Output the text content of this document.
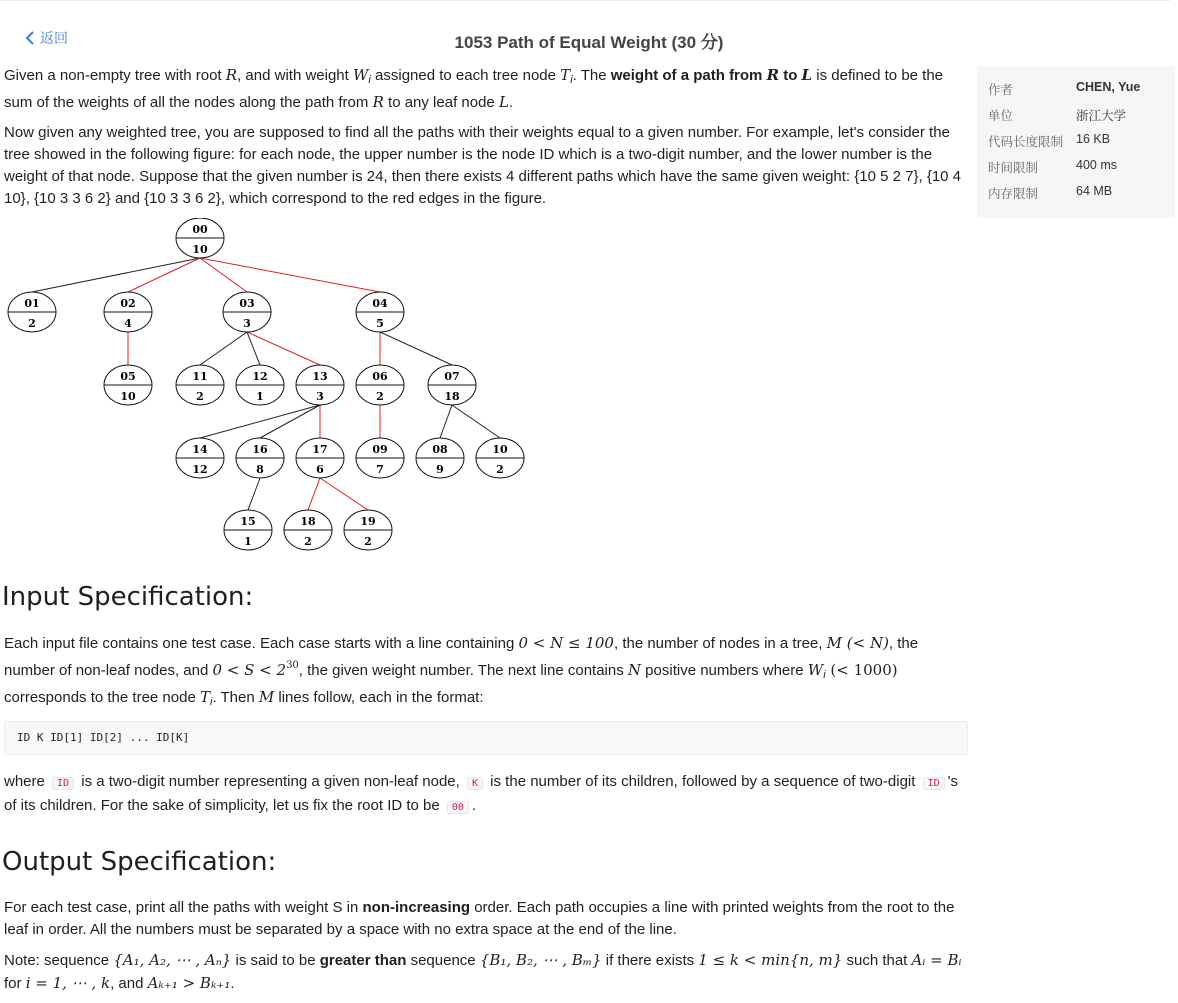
返回	1053 Path of Equal Weight (30 分)

Given a non-empty tree with root R, and with weight $W_i$ assigned to each tree node $T_i$. The weight of a path from R to L is defined to be the sum of the weights of all the nodes along the path from R to any leaf node L.

Now given any weighted tree, you are supposed to find all the paths with their weights equal to a given number. For example, let's consider the tree showed in the following figure: for each node, the upper number is the node ID which is a two-digit number, and the lower number is the weight of that node. Suppose that the given number is 24, then there exists 4 different paths which have the same given weight: {10 5 2 7}, {10 4 10}, {10 3 3 6 2} and {10 3 3 6 2}, which correspond to the red edges in the figure.

00
10
01
2
02
4
03
3
04
5
05
10
11
2
12
1
13
3
06
2
07
18
14
12
16
8
17
6
09
7
08
9
10
2
15
1
18
2
19
2
Input Specification:

Each input file contains one test case. Each case starts with a line containing 0 < N ≤ 100, the number of nodes in a tree, M (< N), the number of non-leaf nodes, and $0 < S < 2^{30}$, the given weight number. The next line contains N positive numbers where $W_i$ (< 1000) corresponds to the tree node $T_i$. Then M lines follow, each in the format:

ID K ID[1] ID[2] ... ID[K]

where ID is a two-digit number representing a given non-leaf node, K is the number of its children, followed by a sequence of two-digit ID 's of its children. For the sake of simplicity, let us fix the root ID to be 00 .

Output Specification:

For each test case, print all the paths with weight S in non-increasing order. Each path occupies a line with printed weights from the root to the leaf in order. All the numbers must be separated by a space with no extra space at the end of the line.

Note: sequence {A₁, A₂, ⋯ , Aₙ} is said to be greater than sequence {B₁, B₂, ⋯ , Bₘ} if there exists 1 ≤ k < min{n, m} such that Aᵢ = Bᵢ for i = 1, ⋯ , k, and Aₖ₊₁ > Bₖ₊₁.

作者	CHEN, Yue
单位	浙江大学
代码长度限制 16 KB
时间限制	400 ms
内存限制	64 MB
